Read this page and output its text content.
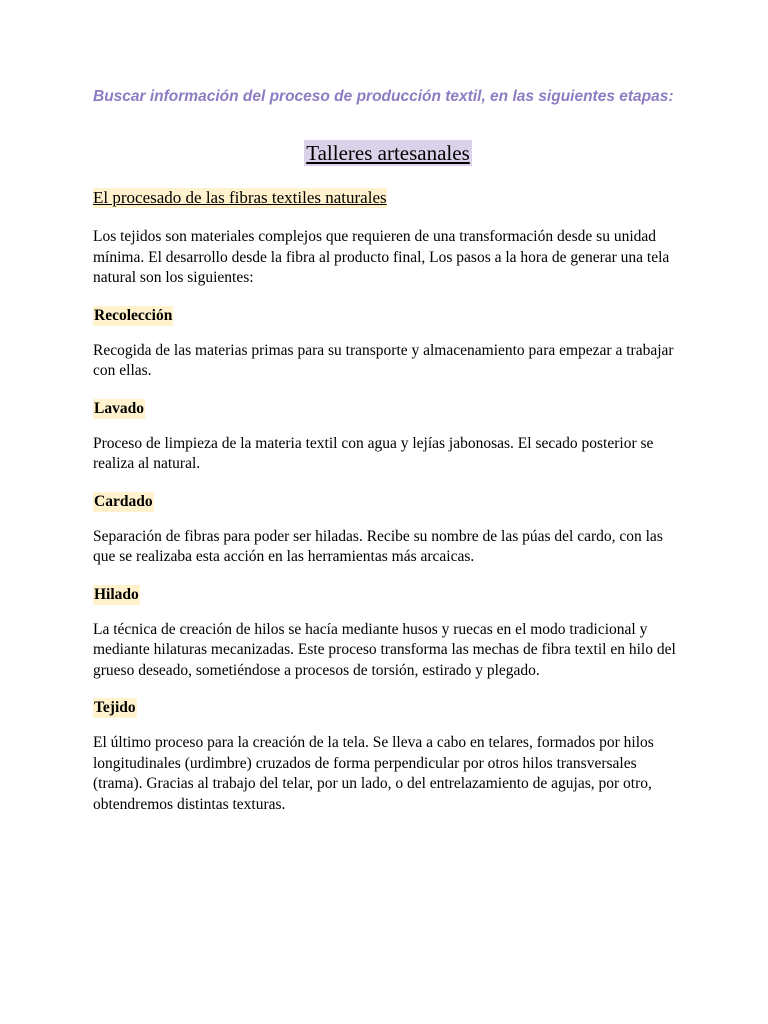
Buscar información del proceso de producción textil, en las siguientes etapas:

Talleres artesanales
El procesado de las fibras textiles naturales

Los tejidos son materiales complejos que requieren de una transformación desde su unidad mínima. El desarrollo desde la fibra al producto final, Los pasos a la hora de generar una tela natural son los siguientes:

Recolección

Recogida de las materias primas para su transporte y almacenamiento para empezar a trabajar con ellas.

Lavado

Proceso de limpieza de la materia textil con agua y lejías jabonosas. El secado posterior se realiza al natural.

Cardado

Separación de fibras para poder ser hiladas. Recibe su nombre de las púas del cardo, con las que se realizaba esta acción en las herramientas más arcaicas.

Hilado

La técnica de creación de hilos se hacía mediante husos y ruecas en el modo tradicional y mediante hilaturas mecanizadas. Este proceso transforma las mechas de fibra textil en hilo del grueso deseado, sometiéndose a procesos de torsión, estirado y plegado.

Tejido

El último proceso para la creación de la tela. Se lleva a cabo en telares, formados por hilos longitudinales (urdimbre) cruzados de forma perpendicular por otros hilos transversales (trama). Gracias al trabajo del telar, por un lado, o del entrelazamiento de agujas, por otro, obtendremos distintas texturas.
